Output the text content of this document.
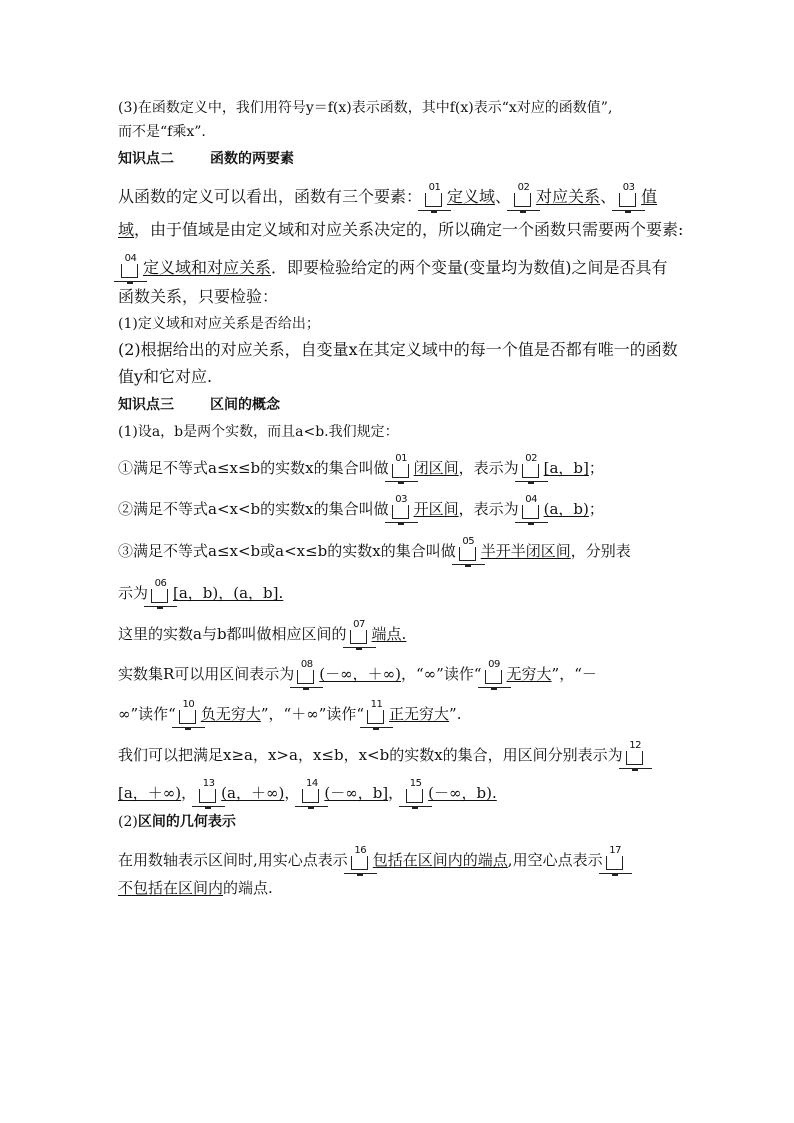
(3)在函数定义中，我们用符号y＝f(x)表示函数，其中f(x)表示“x对应的函数值”,
而不是“f乘x”.
知识点二	函数的两要素
从函数的定义可以看出，函数有三个要素： 01 定义域、 02 对应关系、 03 值
域，由于值域是由定义域和对应关系决定的，所以确定一个函数只需要两个要素:
04 定义域和对应关系．即要检验给定的两个变量(变量均为数值)之间是否具有
函数关系，只要检验：
(1)定义域和对应关系是否给出；
(2)根据给出的对应关系，自变量x在其定义域中的每一个值是否都有唯一的函数
值y和它对应.
知识点三	区间的概念
(1)设a，b是两个实数，而且a<b.我们规定：
①满足不等式a≤x≤b的实数x的集合叫做
01
闭区间，表示为
02
[a，b]；
②满足不等式a<x<b的实数x的集合叫做
03
开区间，表示为
04
(a，b)；
③满足不等式a≤x<b或a<x≤b的实数x的集合叫做
05
半开半闭区间，分别表
示为
06
[a，b)，(a，b].
这里的实数a与b都叫做相应区间的
07
端点.
实数集R可以用区间表示为
08
(－∞，＋∞)，“∞”读作“
09
无穷大”，“－
∞”读作“
10
负无穷大”，“＋∞”读作“
11
正无穷大”.
我们可以把满足x≥a，x>a，x≤b，x<b的实数x的集合，用区间分别表示为
12
[a，＋∞)，
13
(a，＋∞)，
14
(－∞，b]，
15
(－∞，b).
(2)区间的几何表示
在用数轴表示区间时,用实心点表示
16
包括在区间内的端点,用空心点表示
17
不包括在区间内的端点.
